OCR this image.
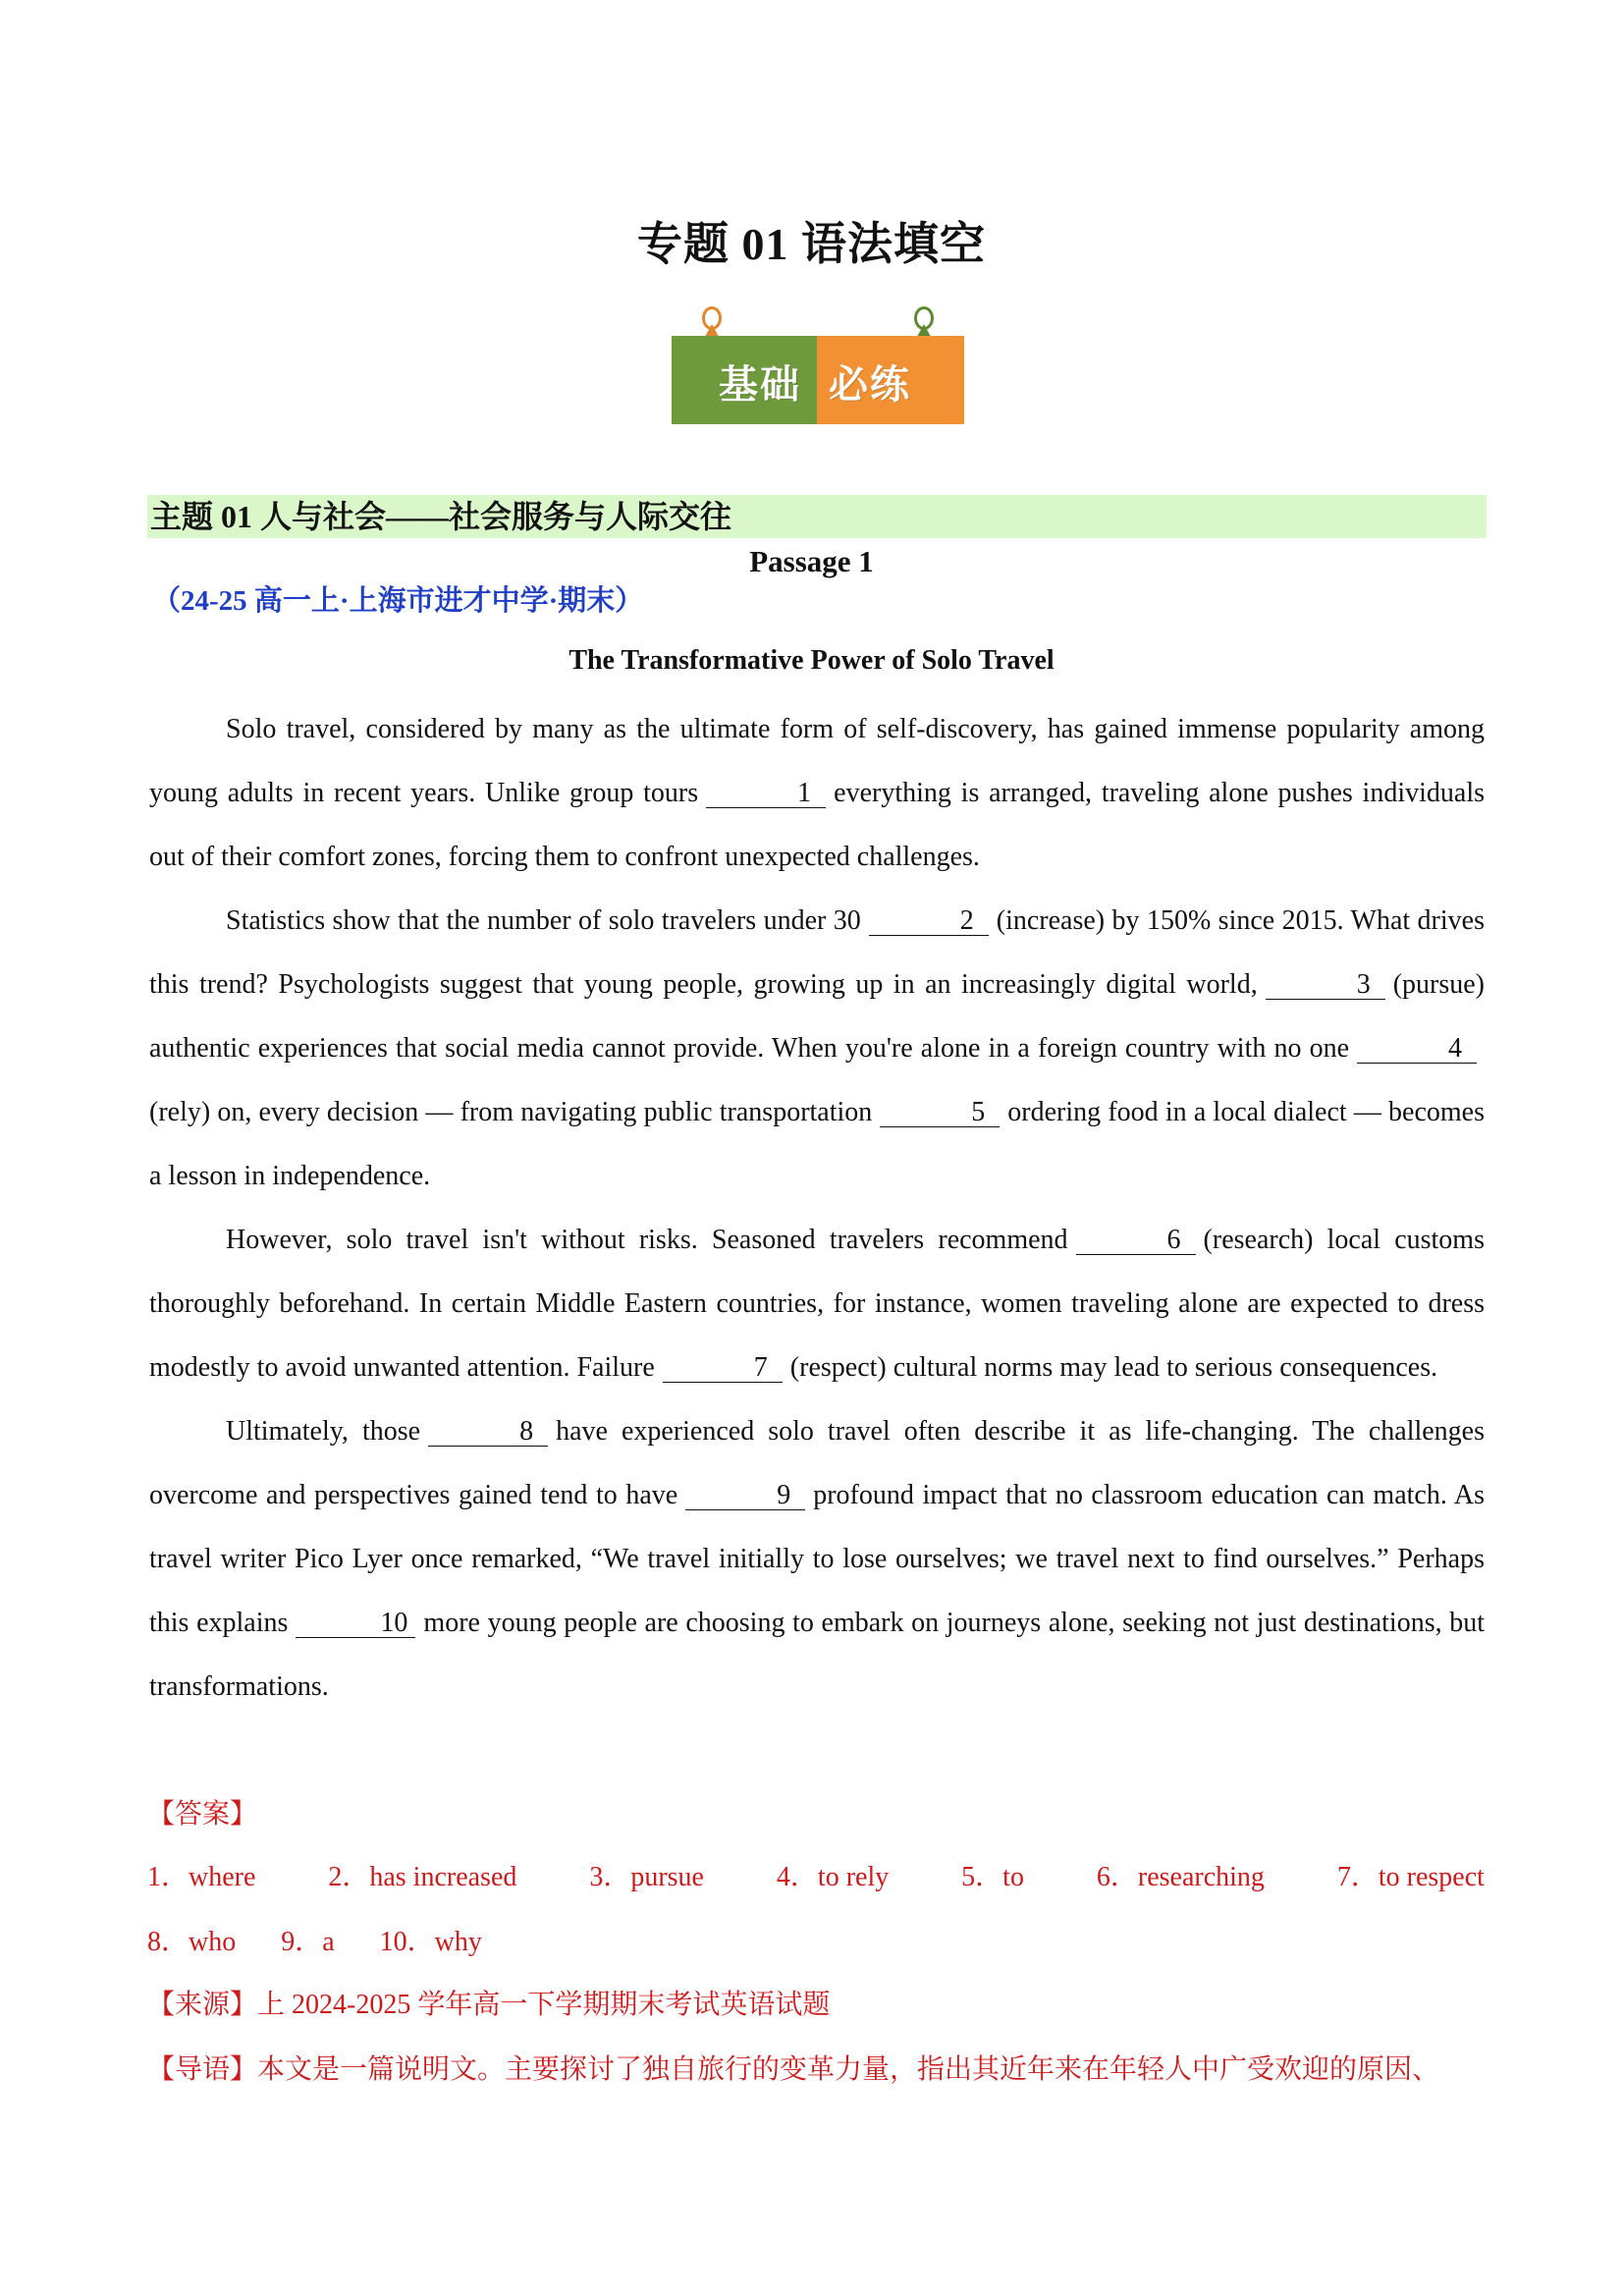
专题 01 语法填空
基础 必练
主题 01 人与社会——社会服务与人际交往
Passage 1
（24-25 高一上·上海市进才中学·期末）
The Transformative Power of Solo Travel

Solo travel, considered by many as the ultimate form of self-discovery, has gained immense popularity among young adults in recent years. Unlike group tours	1 everything is arranged, traveling alone pushes individuals out of their comfort zones, forcing them to confront unexpected challenges.

Statistics show that the number of solo travelers under 30	2 (increase) by 150% since 2015. What drives this trend? Psychologists suggest that young people, growing up in an increasingly digital world,	3 (pursue) authentic experiences that social media cannot provide. When you're alone in a foreign country with no one	4(rely) on, every decision — from navigating public transportation	5 ordering food in a local dialect — becomes a lesson in independence.

However, solo travel isn't without risks. Seasoned travelers recommend	6 (research) local customs thoroughly beforehand. In certain Middle Eastern countries, for instance, women traveling alone are expected to dress modestly to avoid unwanted attention. Failure	7 (respect) cultural norms may lead to serious consequences.

Ultimately, those	8 have experienced solo travel often describe it as life-changing. The challenges overcome and perspectives gained tend to have	9 profound impact that no classroom education can match. As travel writer Pico Lyer once remarked, “We travel initially to lose ourselves; we travel next to find ourselves.” Perhaps this explains	10 more young people are choosing to embark on journeys alone, seeking not just destinations, but transformations.

【答案】
1．where	2．has increased	3．pursue	4．to rely	5．to	6．researching	7．to respect
8．who 9．a 10．why
【来源】上 2024-2025 学年高一下学期期末考试英语试题
【导语】本文是一篇说明文。主要探讨了独自旅行的变革力量，指出其近年来在年轻人中广受欢迎的原因、
